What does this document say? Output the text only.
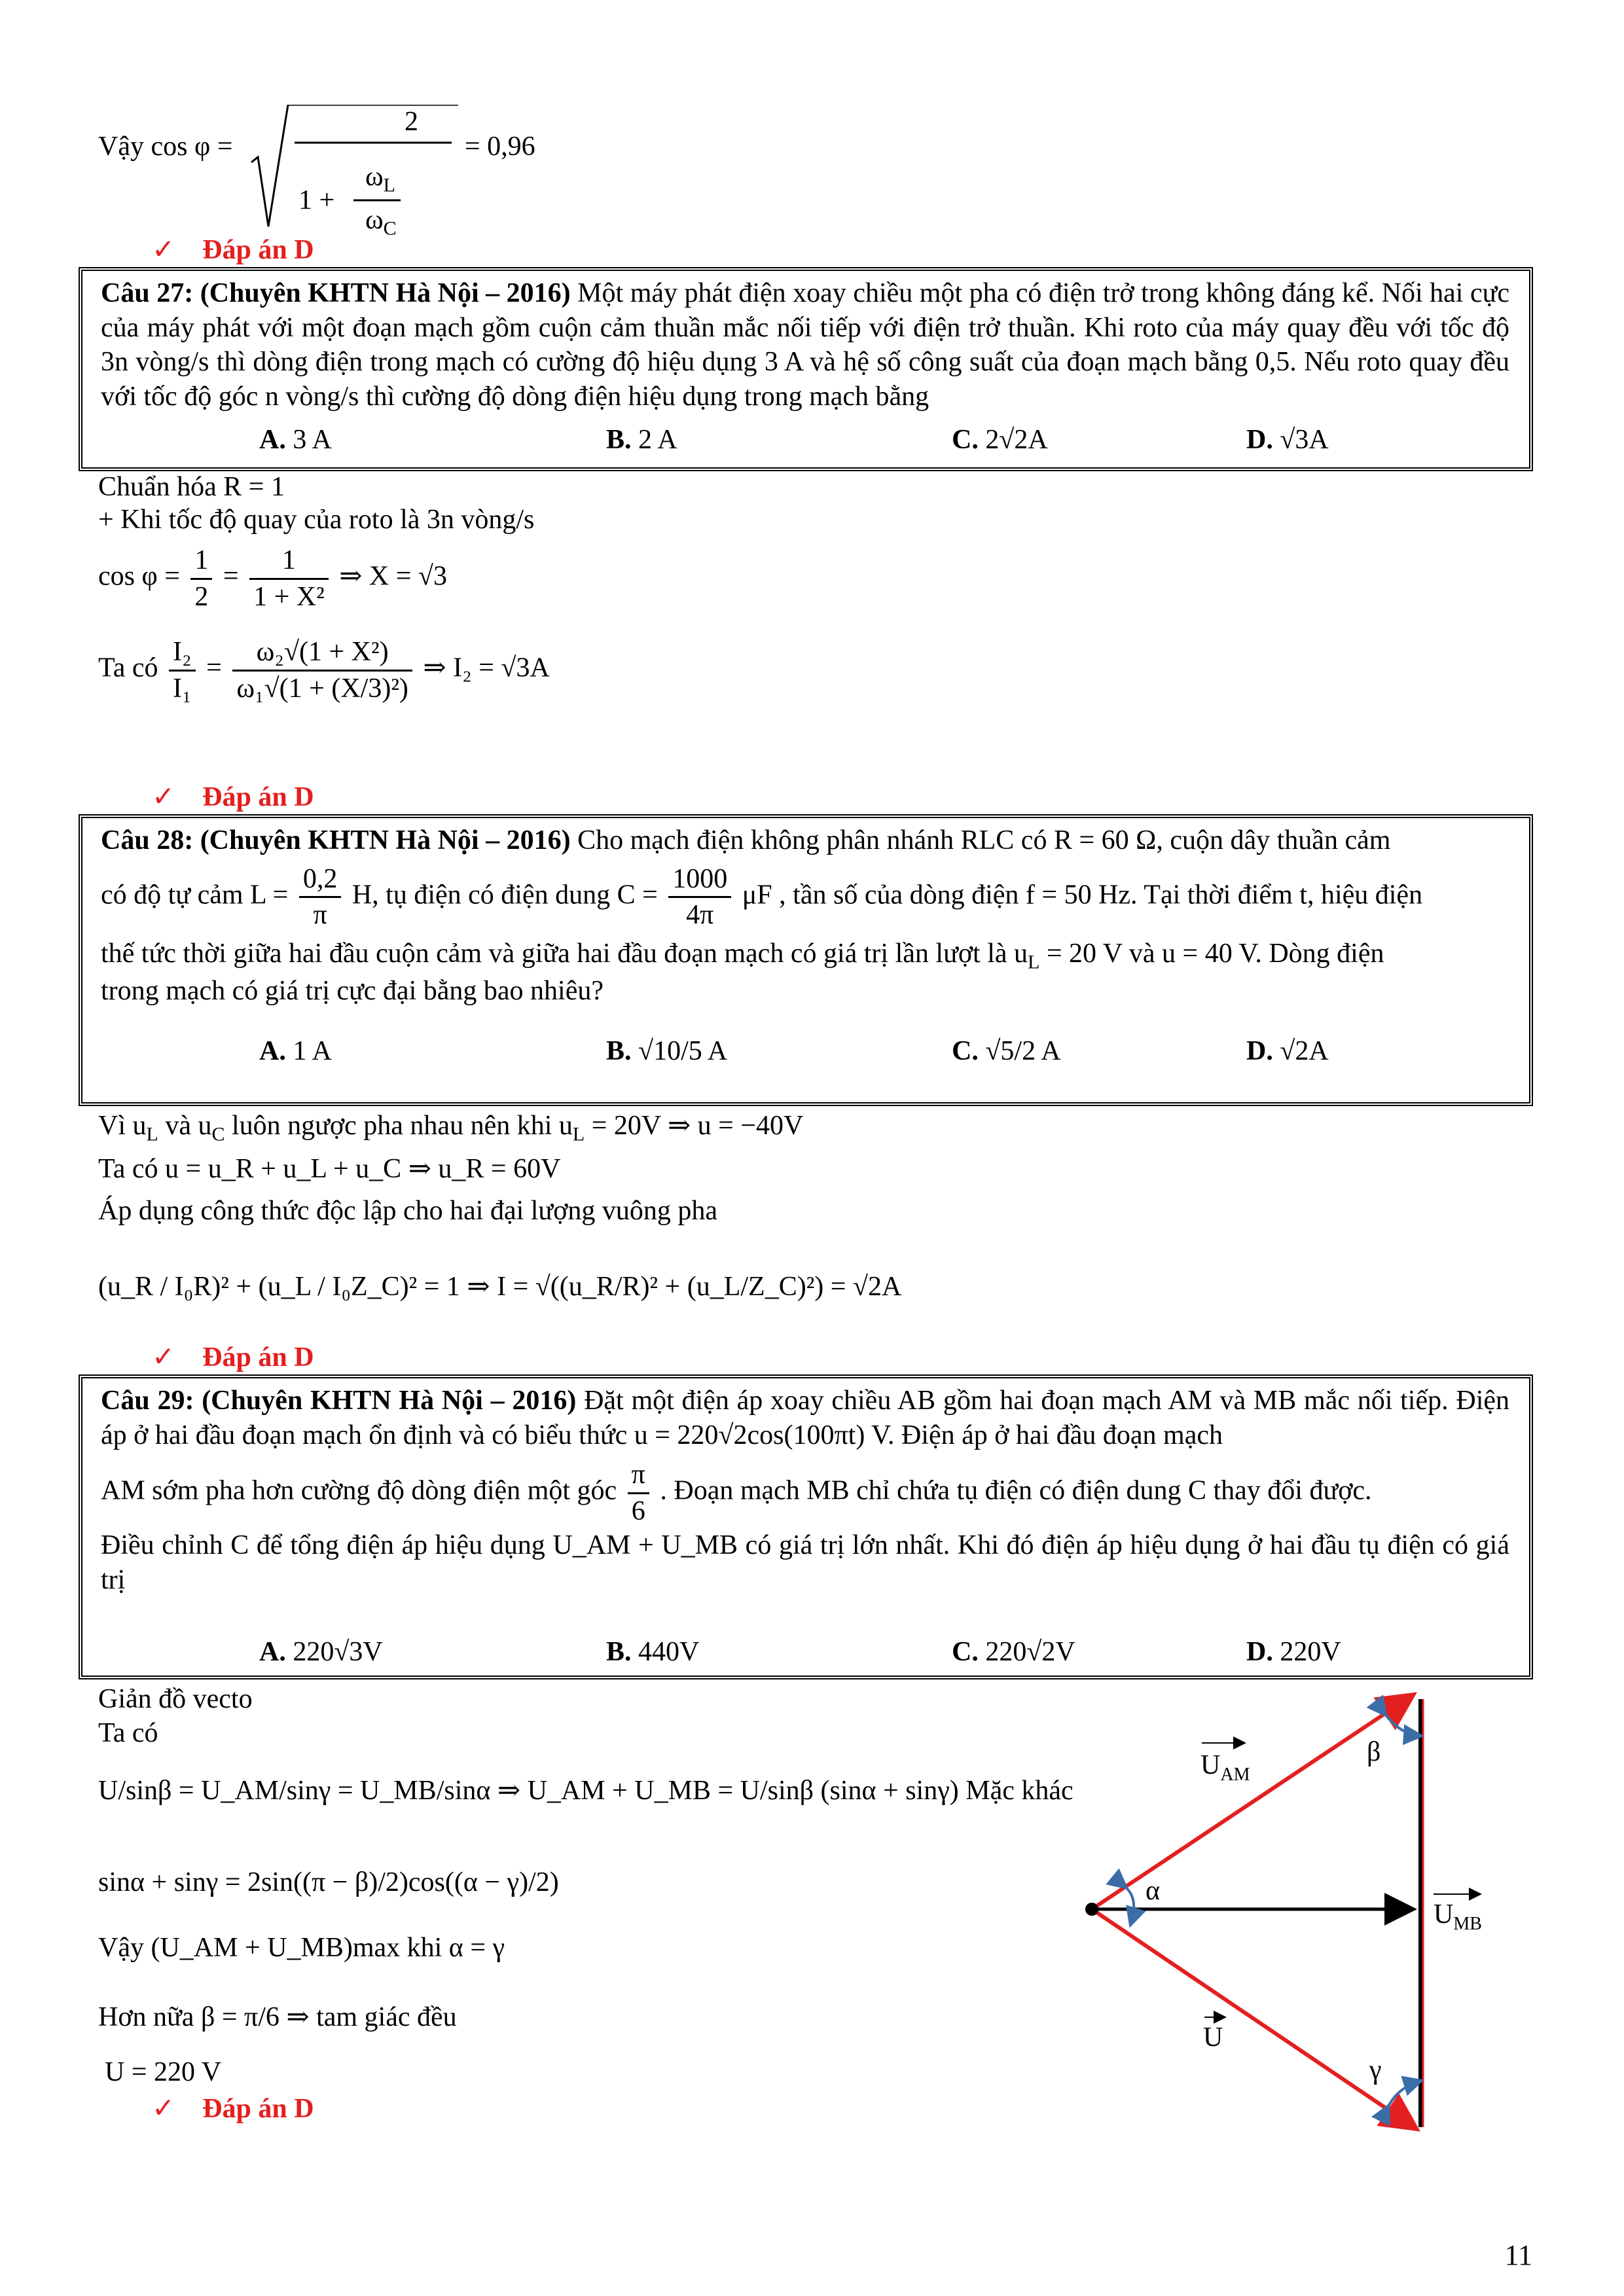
Vậy cos φ =
2
1 +
$\omega_L$
$\omega_C$
= 0,96
✓ Đáp án D

Câu 27: (Chuyên KHTN Hà Nội – 2016) Một máy phát điện xoay chiều một pha có điện trở trong không đáng kể. Nối hai cực của máy phát với một đoạn mạch gồm cuộn cảm thuần mắc nối tiếp với điện trở thuần. Khi roto của máy quay đều với tốc độ 3n vòng/s thì dòng điện trong mạch có cường độ hiệu dụng 3 A và hệ số công suất của đoạn mạch bằng 0,5. Nếu roto quay đều với tốc độ góc n vòng/s thì cường độ dòng điện hiệu dụng trong mạch bằng

A. 3 A	B. 2 A	C. 2√2A	D. √3A
Chuẩn hóa R = 1
+ Khi tốc độ quay của roto là 3n vòng/s
$\cos \varphi = \frac{1}{2} = \frac{1}{\text{1 + X²}}$ ⇒ X = √3
Ta có $\frac{\text{I₂}}{\text{I₁}} = \frac{\text{ω₂√(1 + X²)}}{\text{ω₁√(1 + (X/3)²)}}$ ⇒ I₂ = √3A
✓ Đáp án D

Câu 28: (Chuyên KHTN Hà Nội – 2016) Cho mạch điện không phân nhánh RLC có R = 60 Ω, cuộn dây thuần cảm

có độ tự cảm $L = \frac{0,2}{\pi} H$, tụ điện có điện dung $C = \frac{1000}{4\pi}$ μF , tần số của dòng điện f = 50 Hz. Tại thời điểm t, hiệu điện

thế tức thời giữa hai đầu cuộn cảm và giữa hai đầu đoạn mạch có giá trị lần lượt là $u_L = 20$ V và u = 40 V. Dòng điện

trong mạch có giá trị cực đại bằng bao nhiêu?

A. 1 A	B. √10/5 A	C. √5/2 A	D. √2A
Vì $u_L$ và $u_C$ luôn ngược pha nhau nên khi $u_L = 20V$ ⇒ u = −40V
Ta có u = u_R + u_L + u_C ⇒ u_R = 60V
Áp dụng công thức độc lập cho hai đại lượng vuông pha
(u_R / I₀R)² + (u_L / I₀Z_C)² = 1 ⇒ I = √((u_R/R)² + (u_L/Z_C)²) = √2A
✓ Đáp án D

Câu 29: (Chuyên KHTN Hà Nội – 2016) Đặt một điện áp xoay chiều AB gồm hai đoạn mạch AM và MB mắc nối tiếp. Điện áp ở hai đầu đoạn mạch ổn định và có biểu thức u = 220√2cos(100πt) V. Điện áp ở hai đầu đoạn mạch

AM sớm pha hơn cường độ dòng điện một góc $\frac{\pi}{6}$ . Đoạn mạch MB chỉ chứa tụ điện có điện dung C thay đổi được.

Điều chỉnh C để tổng điện áp hiệu dụng U_AM + U_MB có giá trị lớn nhất. Khi đó điện áp hiệu dụng ở hai đầu tụ điện có giá trị

A. 220√3V	B. 440V	C. 220√2V	D. 220V
Giản đồ vecto
Ta có
U/sinβ = U_AM/sinγ = U_MB/sinα ⇒ U_AM + U_MB = U/sinβ (sinα + sinγ) Mặc khác
sinα + sinγ = 2sin((π − β)/2)cos((α − γ)/2)
Vậy (U_AM + U_MB)max khi α = γ
Hơn nữa β = π/6 ⇒ tam giác đều
U = 220 V
✓ Đáp án D
$U_{AM}$
β
α
$U_{MB}$
U
γ
11
